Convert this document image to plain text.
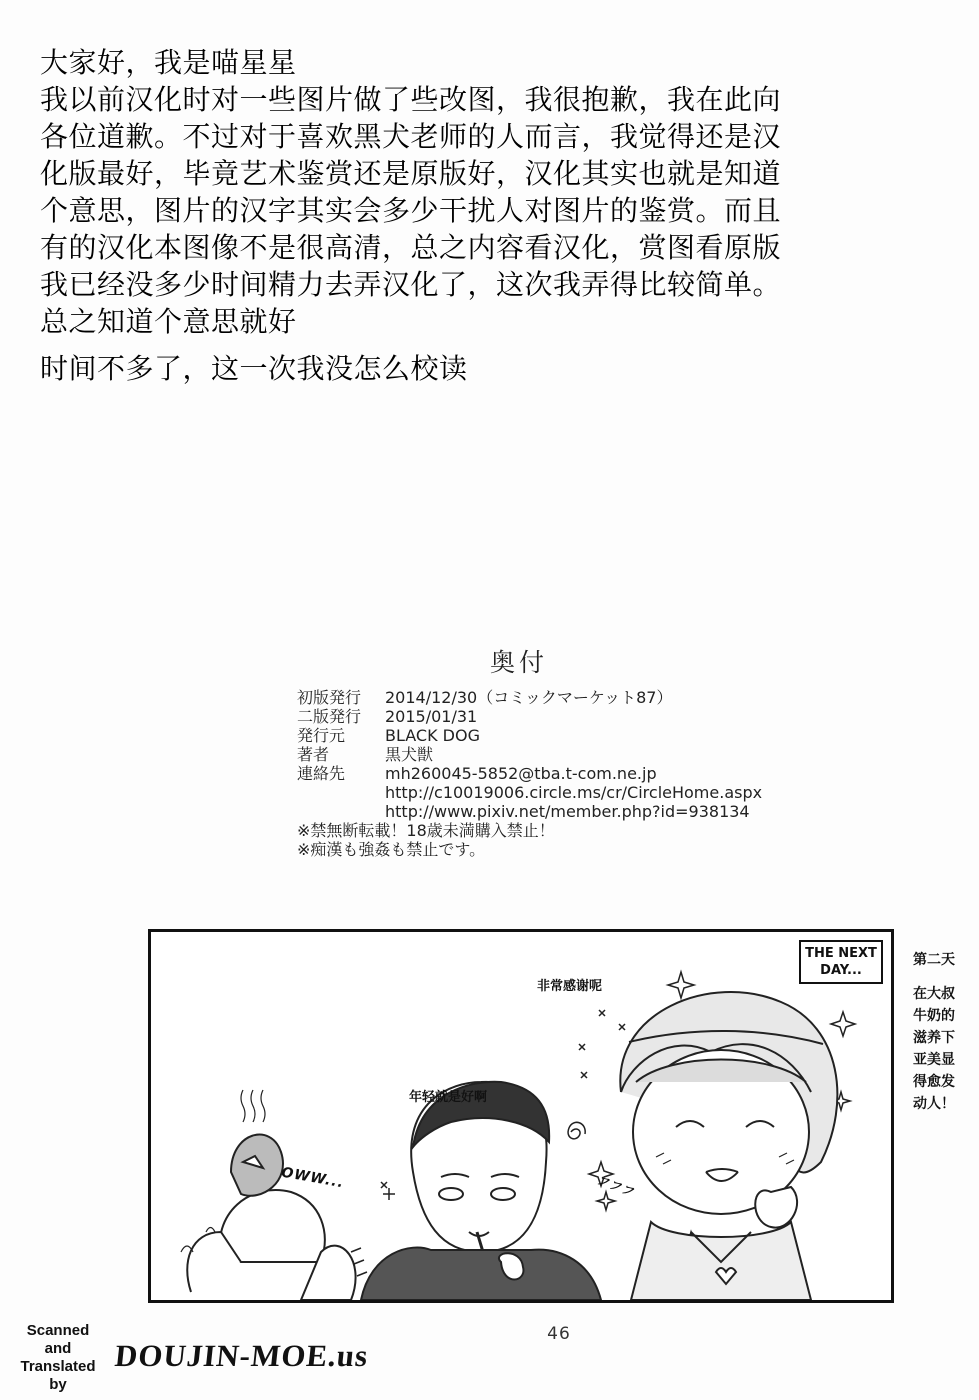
大家好，我是喵星星
我以前汉化时对一些图片做了些改图，我很抱歉，我在此向
各位道歉。不过对于喜欢黑犬老师的人而言，我觉得还是汉
化版最好，毕竟艺术鉴赏还是原版好，汉化其实也就是知道
个意思，图片的汉字其实会多少干扰人对图片的鉴赏。而且
有的汉化本图像不是很高清，总之内容看汉化，赏图看原版
我已经没多少时间精力去弄汉化了，这次我弄得比较简单。
总之知道个意思就好
时间不多了，这一次我没怎么校读
奥付
初版発行	2014/12/30（コミックマーケット87）
二版発行	2015/01/31
発行元	BLACK DOG
著者	黒犬獣
連絡先	mh260045-5852@tba.t-com.ne.jp
http://c10019006.circle.ms/cr/CircleHome.aspx
http://www.pixiv.net/member.php?id=938134
※禁無断転載！18歳未満購入禁止！
※痴漢も強姦も禁止です。
THE NEXT
DAY...
非常感谢呢
年轻就是好啊
OWW...	フフフ
第二天
在大叔
牛奶的
滋养下
亚美显
得愈发
动人！
46
Scanned
and
Translated
by
DOUJIN-MOE.us
